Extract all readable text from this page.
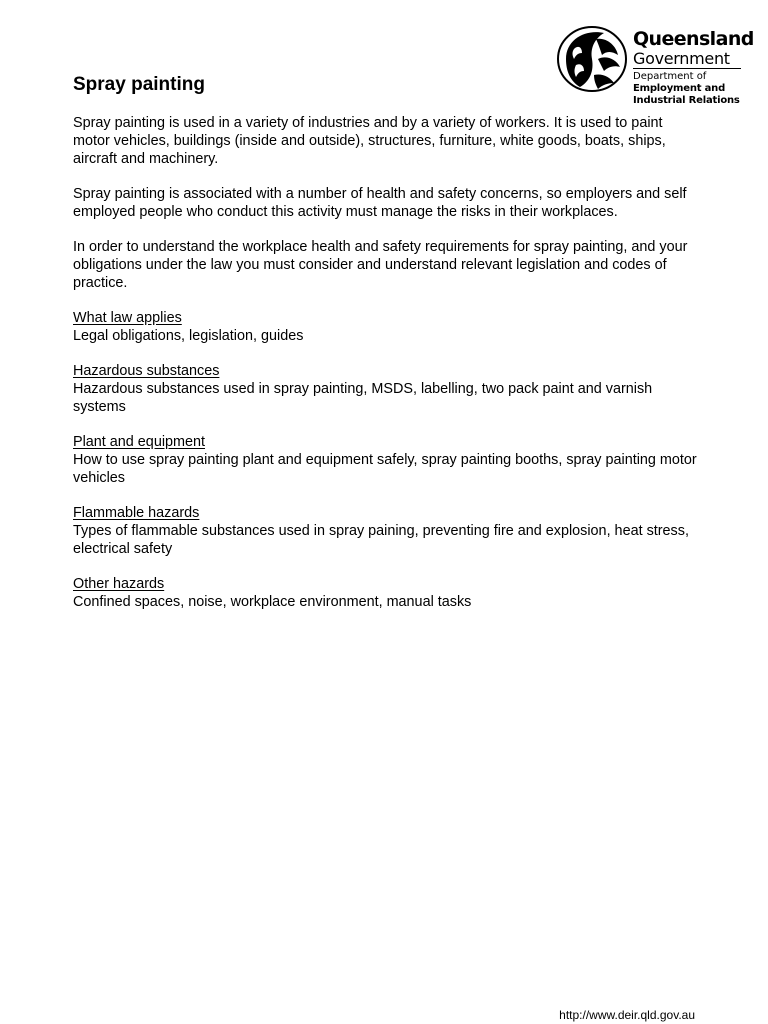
Queensland
Government
Department of
Employment and
Industrial Relations
Spray painting

Spray painting is used in a variety of industries and by a variety of workers. It is used to paint motor vehicles, buildings (inside and outside), structures, furniture, white goods, boats, ships, aircraft and machinery.

Spray painting is associated with a number of health and safety concerns, so employers and self employed people who conduct this activity must manage the risks in their workplaces.

In order to understand the workplace health and safety requirements for spray painting, and your obligations under the law you must consider and understand relevant legislation and codes of practice.

What law applies
Legal obligations, legislation, guides
Hazardous substances
Hazardous substances used in spray painting, MSDS, labelling, two pack paint and varnish systems
Plant and equipment
How to use spray painting plant and equipment safely, spray painting booths, spray painting motor vehicles
Flammable hazards
Types of flammable substances used in spray paining, preventing fire and explosion, heat stress, electrical safety
Other hazards
Confined spaces, noise, workplace environment, manual tasks
http://www.deir.qld.gov.au
